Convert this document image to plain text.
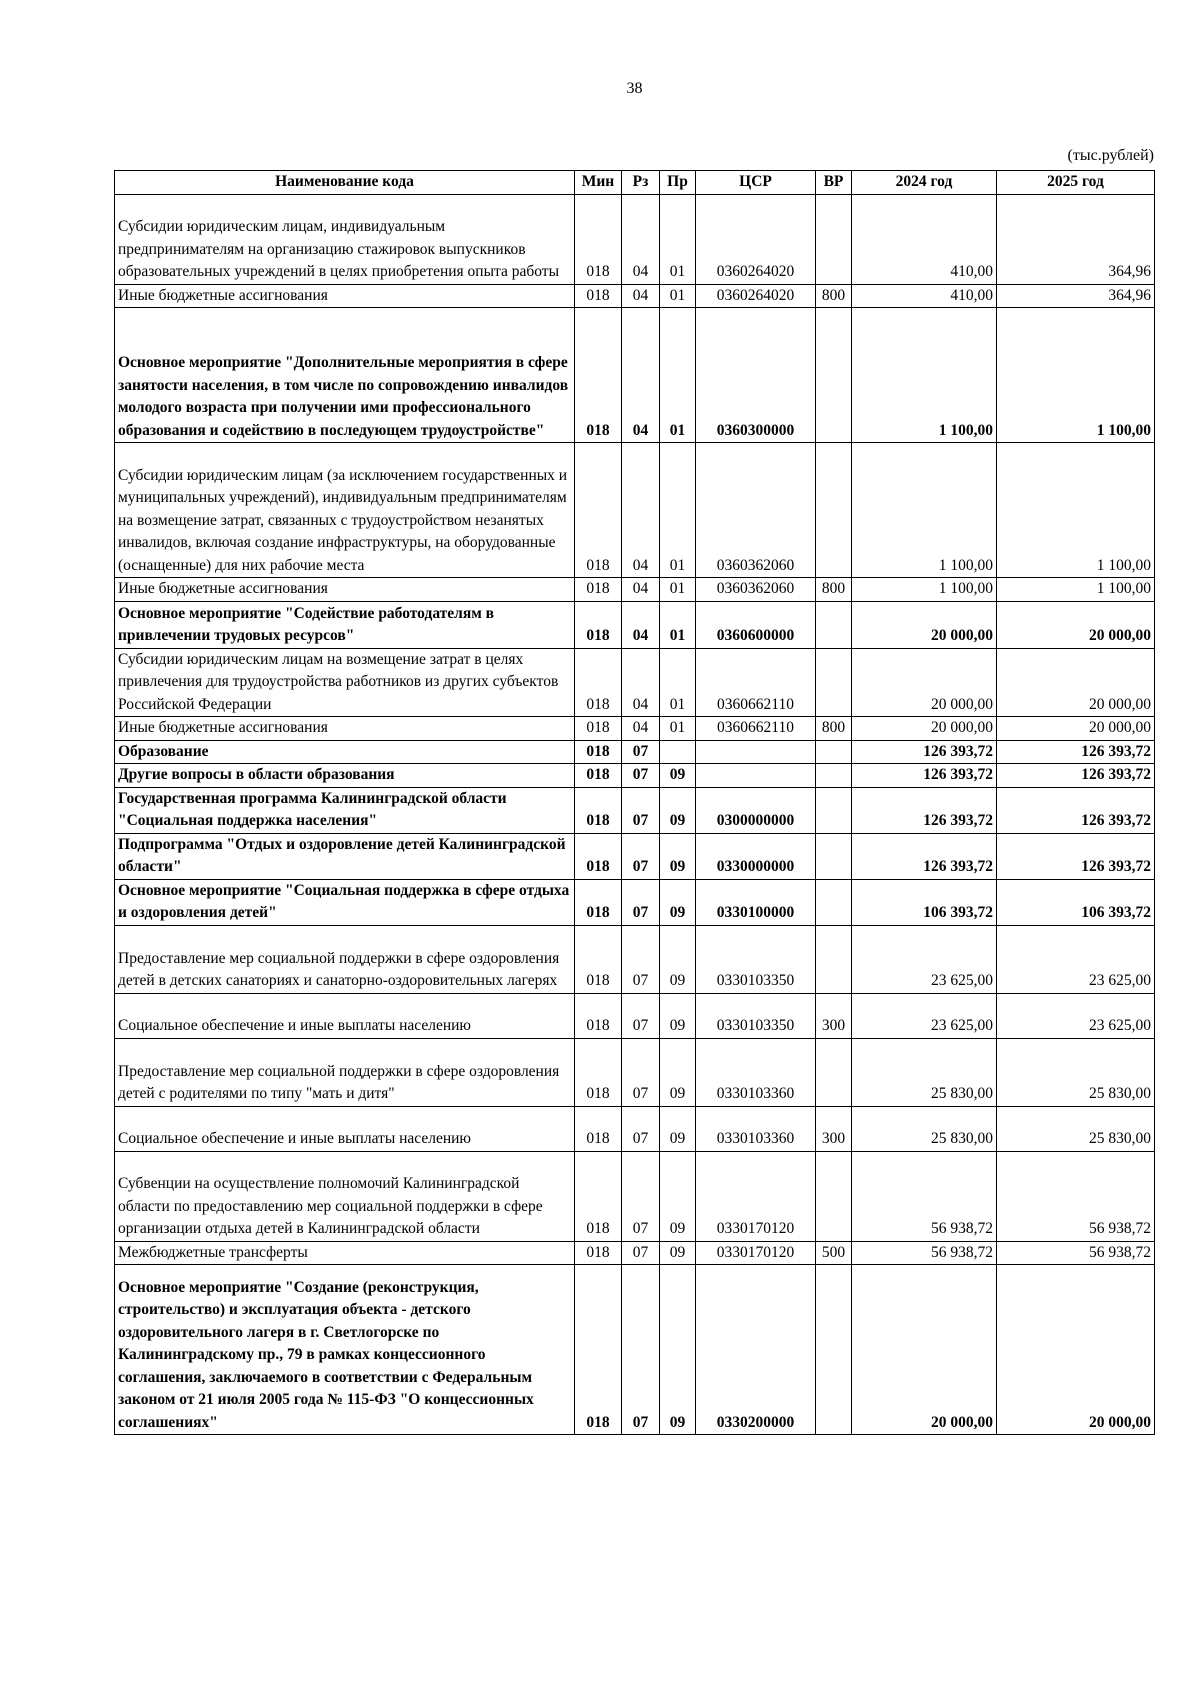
38
(тыс.рублей)
Наименование кода	Мин	Рз	Пр	ЦСР	ВР	2024 год	2025 год
Субсидии юридическим лицам, индивидуальным предпринимателям на организацию стажировок выпускников образовательных учреждений в целях приобретения опыта работы	018	04	01	0360264020		410,00	364,96
Иные бюджетные ассигнования	018	04	01	0360264020	800	410,00	364,96
Основное мероприятие "Дополнительные мероприятия в сфере занятости населения, в том числе по сопровождению инвалидов молодого возраста при получении ими профессионального образования и содействию в последующем трудоустройстве"	018	04	01	0360300000		1 100,00	1 100,00
Субсидии юридическим лицам (за исключением государственных и муниципальных учреждений), индивидуальным предпринимателям на возмещение затрат, связанных с трудоустройством незанятых инвалидов, включая создание инфраструктуры, на оборудованные (оснащенные) для них рабочие места	018	04	01	0360362060		1 100,00	1 100,00
Иные бюджетные ассигнования	018	04	01	0360362060	800	1 100,00	1 100,00
Основное мероприятие "Содействие работодателям в привлечении трудовых ресурсов"	018	04	01	0360600000		20 000,00	20 000,00
Субсидии юридическим лицам на возмещение затрат в целях привлечения для трудоустройства работников из других субъектов Российской Федерации	018	04	01	0360662110		20 000,00	20 000,00
Иные бюджетные ассигнования	018	04	01	0360662110	800	20 000,00	20 000,00
Образование	018	07				126 393,72	126 393,72
Другие вопросы в области образования	018	07	09			126 393,72	126 393,72
Государственная программа Калининградской области "Социальная поддержка населения"	018	07	09	0300000000		126 393,72	126 393,72
Подпрограмма "Отдых и оздоровление детей Калининградской области"	018	07	09	0330000000		126 393,72	126 393,72
Основное мероприятие "Социальная поддержка в сфере отдыха и оздоровления детей"	018	07	09	0330100000		106 393,72	106 393,72
Предоставление мер социальной поддержки в сфере оздоровления детей в детских санаториях и санаторно-оздоровительных лагерях	018	07	09	0330103350		23 625,00	23 625,00
Социальное обеспечение и иные выплаты населению	018	07	09	0330103350	300	23 625,00	23 625,00
Предоставление мер социальной поддержки в сфере оздоровления детей с родителями по типу "мать и дитя"	018	07	09	0330103360		25 830,00	25 830,00
Социальное обеспечение и иные выплаты населению	018	07	09	0330103360	300	25 830,00	25 830,00
Субвенции на осуществление полномочий Калининградской области по предоставлению мер социальной поддержки в сфере организации отдыха детей в Калининградской области	018	07	09	0330170120		56 938,72	56 938,72
Межбюджетные трансферты	018	07	09	0330170120	500	56 938,72	56 938,72
Основное мероприятие "Создание (реконструкция, строительство) и эксплуатация объекта - детского оздоровительного лагеря в г. Светлогорске по Калининградскому пр., 79 в рамках концессионного соглашения, заключаемого в соответствии с Федеральным законом от 21 июля 2005 года № 115-ФЗ "О концессионных соглашениях"	018	07	09	0330200000		20 000,00	20 000,00
